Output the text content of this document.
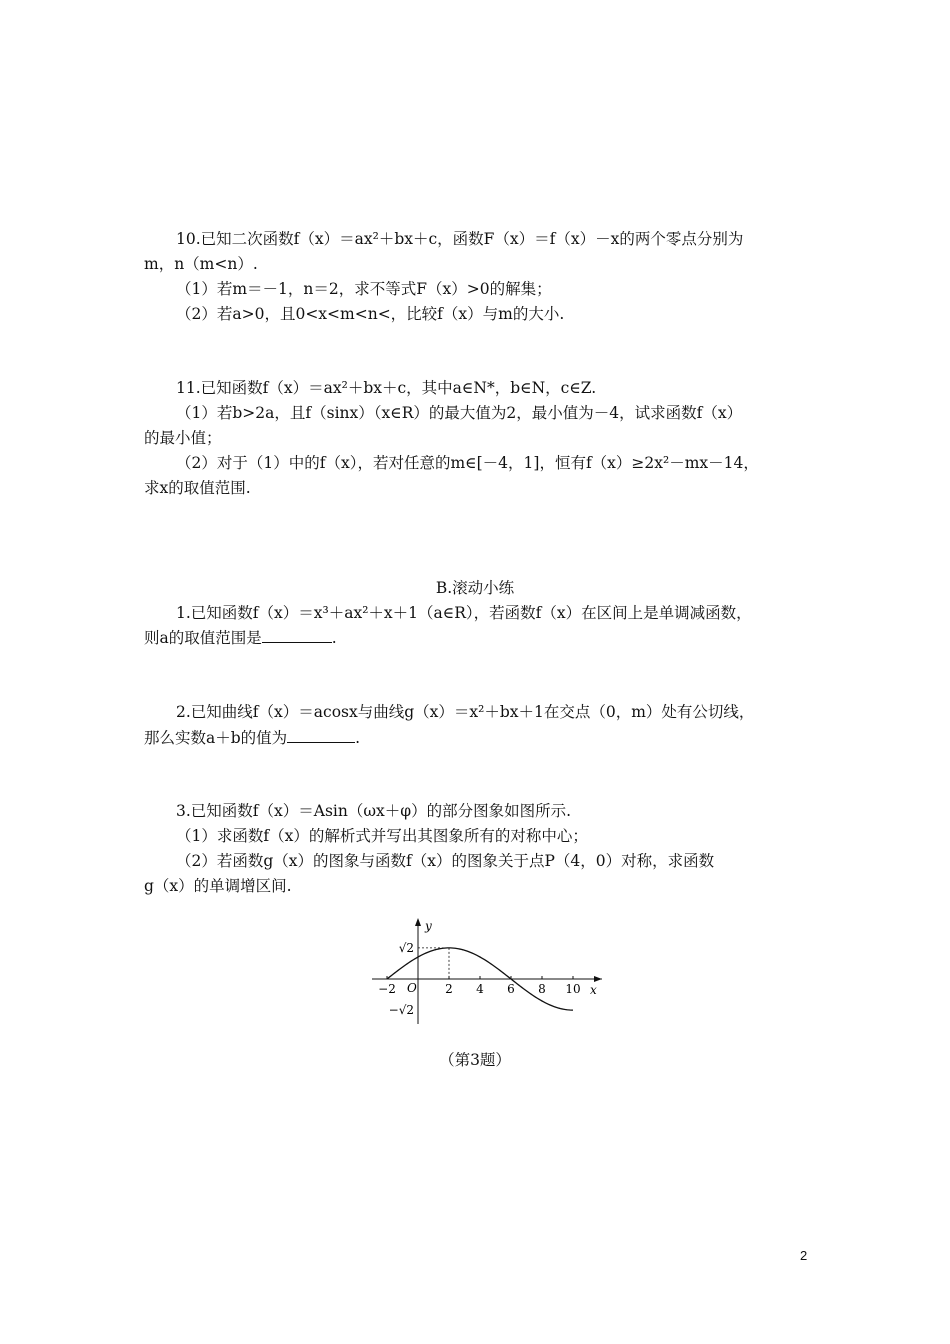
10.已知二次函数f（x）＝ax²＋bx＋c，函数F（x）＝f（x）－x的两个零点分别为
m，n（m<n）.
（1）若m＝－1，n＝2，求不等式F（x）>0的解集；
（2）若a>0，且0<x<m<n<，比较f（x）与m的大小.
11.已知函数f（x）＝ax²＋bx＋c，其中a∈N*，b∈N，c∈Z.
（1）若b>2a，且f（sinx）（x∈R）的最大值为2，最小值为－4，试求函数f（x）
的最小值；
（2）对于（1）中的f（x），若对任意的m∈[－4，1]，恒有f（x）≥2x²－mx－14，
求x的取值范围.
B.滚动小练
1.已知函数f（x）＝x³＋ax²＋x＋1（a∈R），若函数f（x）在区间上是单调减函数，
则a的取值范围是	.
2.已知曲线f（x）＝acosx与曲线g（x）＝x²＋bx＋1在交点（0，m）处有公切线，
那么实数a＋b的值为	.
3.已知函数f（x）＝Asin（ωx＋φ）的部分图象如图所示.
（1）求函数f（x）的解析式并写出其图象所有的对称中心；
（2）若函数g（x）的图象与函数f（x）的图象关于点P（4，0）对称，求函数
g（x）的单调增区间.
y
x
O
−2	2 4 6 8 10
√2
−√2
（第3题）
2
